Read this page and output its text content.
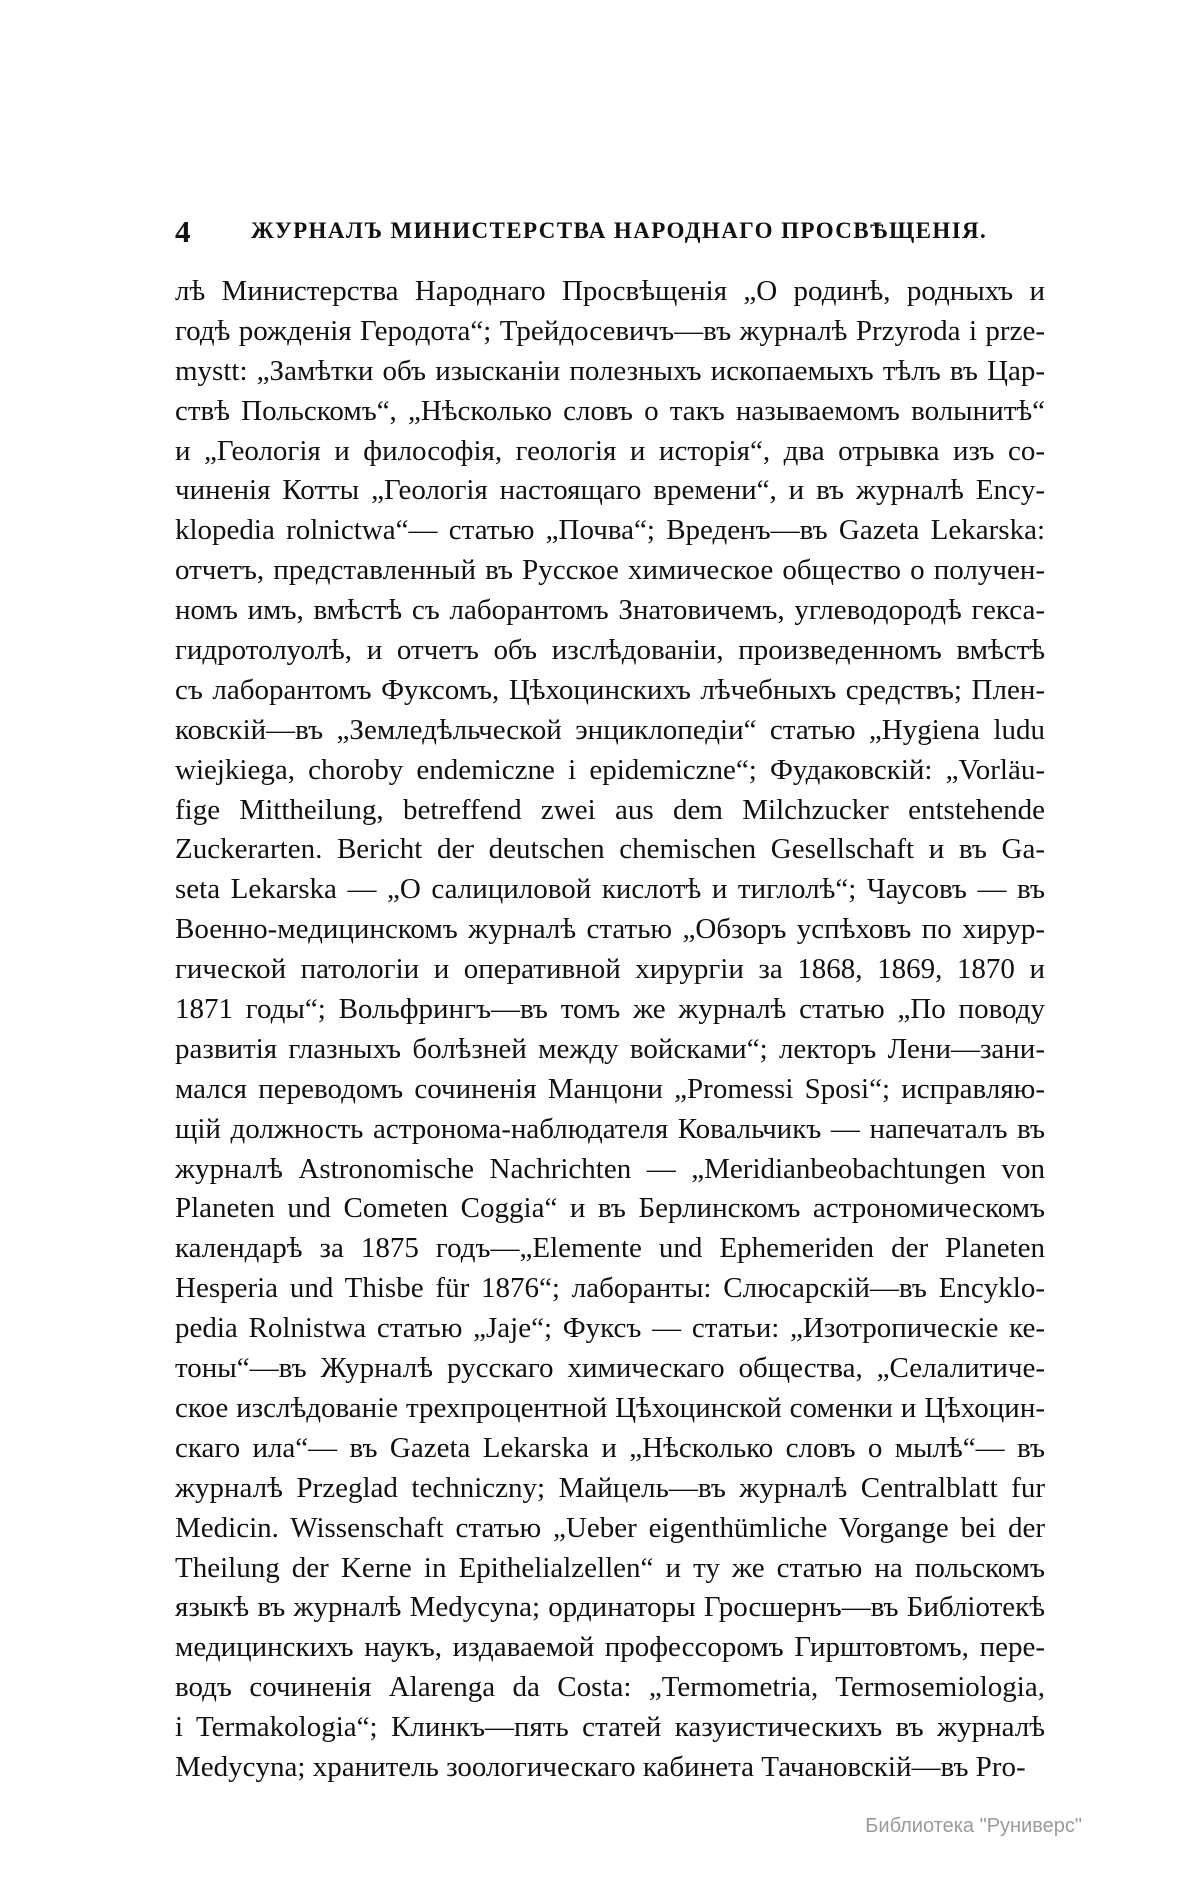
4	ЖУРНАЛЪ МИНИСТЕРСТВА НАРОДНАГО ПРОСВѢЩЕНІЯ.
лѣ Министерства Народнаго Просвѣщенія „О родинѣ, родныхъ и
годѣ рожденія Геродота“; Трейдосевичъ—въ журналѣ Przyroda i prze-
mystt: „Замѣтки объ изысканіи полезныхъ ископаемыхъ тѣлъ въ Цар-
ствѣ Польскомъ“, „Нѣсколько словъ о такъ называемомъ волынитѣ“
и „Геологія и философія, геологія и исторія“, два отрывка изъ со-
чиненія Котты „Геологія настоящаго времени“, и въ журналѣ Ency-
klopedia rolnictwa“— статью „Почва“; Вреденъ—въ Gazeta Lekarska:
отчетъ, представленный въ Русское химическое общество о получен-
номъ имъ, вмѣстѣ съ лаборантомъ Знатовичемъ, углеводородѣ гекса-
гидротолуолѣ, и отчетъ объ изслѣдованіи, произведенномъ вмѣстѣ
съ лаборантомъ Фуксомъ, Цѣхоцинскихъ лѣчебныхъ средствъ; Плен-
ковскій—въ „Земледѣльческой энциклопедіи“ статью „Hygiena ludu
wiejkiega, choroby endemiczne i epidemiczne“; Фудаковскій: „Vorläu-
fige Mittheilung, betreffend zwei aus dem Milchzucker entstehende
Zuckerarten. Bericht der deutschen chemischen Gesellschaft и въ Ga-
seta Lekarska — „О салициловой кислотѣ и тиглолѣ“; Чаусовъ — въ
Военно-медицинскомъ журналѣ статью „Обзоръ успѣховъ по хирур-
гической патологіи и оперативной хирургіи за 1868, 1869, 1870 и
1871 годы“; Вольфрингъ—въ томъ же журналѣ статью „По поводу
развитія глазныхъ болѣзней между войсками“; лекторъ Лени—зани-
мался переводомъ сочиненія Манцони „Promessi Sposi“; исправляю-
щій должность астронома-наблюдателя Ковальчикъ — напечаталъ въ
журналѣ Astronomische Nachrichten — „Meridianbeobachtungen von
Planeten und Cometen Coggia“ и въ Берлинскомъ астрономическомъ
календарѣ за 1875 годъ—„Elemente und Ephemeriden der Planeten
Hesperia und Thisbe für 1876“; лаборанты: Слюсарскій—въ Encyklo-
pedia Rolnistwa статью „Jaje“; Фуксъ — статьи: „Изотропическіе ке-
тоны“—въ Журналѣ русскаго химическаго общества, „Селалитиче-
ское изслѣдованіе трехпроцентной Цѣхоцинской соменки и Цѣхоцин-
скаго ила“— въ Gazeta Lekarska и „Нѣсколько словъ о мылѣ“— въ
журналѣ Przeglad techniczny; Майцель—въ журналѣ Centralblatt fur
Medicin. Wissenschaft статью „Ueber eigenthümliche Vorgange bei der
Theilung der Kerne in Epithelialzellen“ и ту же статью на польскомъ
языкѣ въ журналѣ Medycyna; ординаторы Гросшернъ—въ Библіотекѣ
медицинскихъ наукъ, издаваемой профессоромъ Гирштовтомъ, пере-
водъ сочиненія Alarenga da Costa: „Termometria, Termosemiologia,
i Termakologia“; Клинкъ—пять статей казуистическихъ въ журналѣ
Medycyna; хранитель зоологическаго кабинета Тачановскій—въ Pro-
Библиотека "Руниверс"
